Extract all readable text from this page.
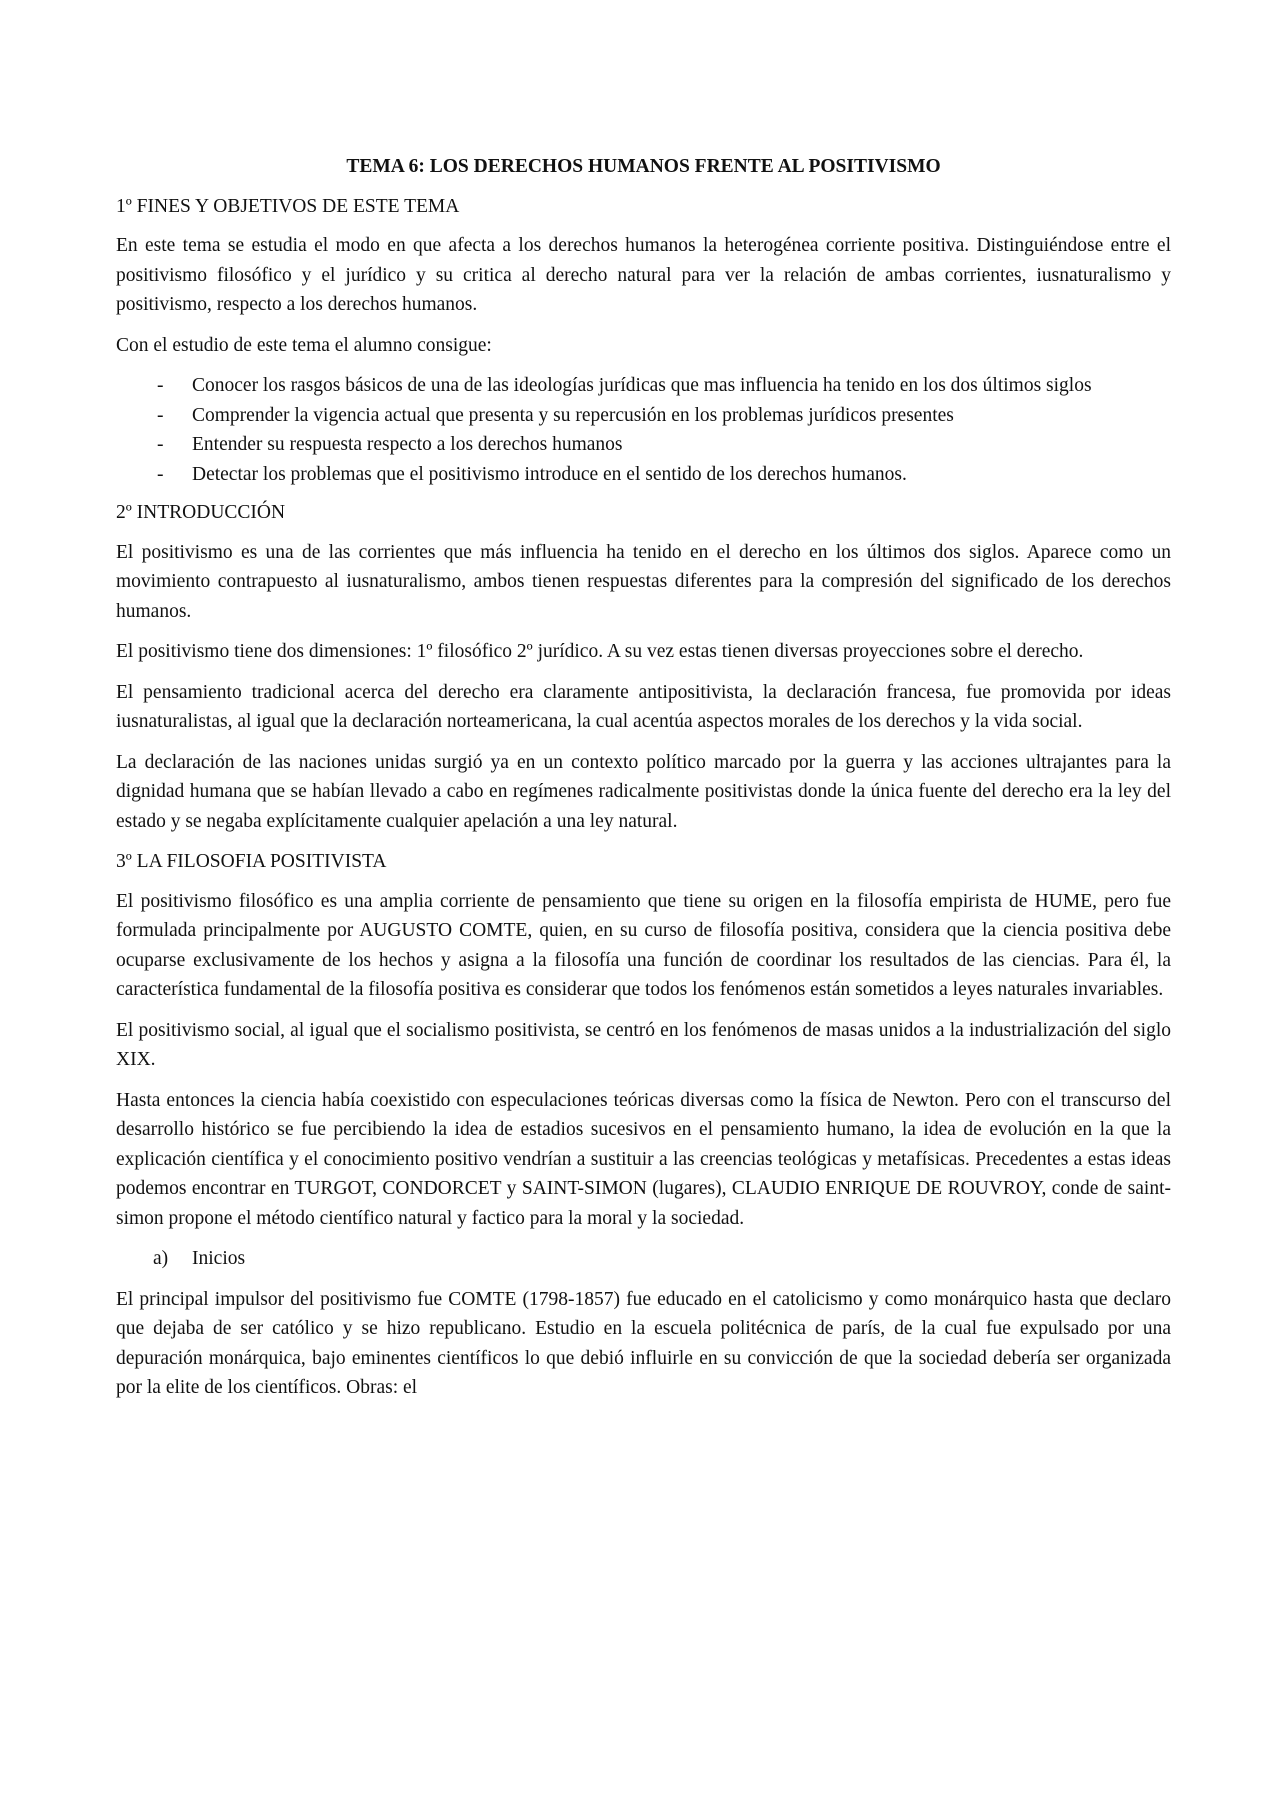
TEMA 6: LOS DERECHOS HUMANOS FRENTE AL POSITIVISMO
1º FINES Y OBJETIVOS DE ESTE TEMA

En este tema se estudia el modo en que afecta a los derechos humanos la heterogénea corriente positiva. Distinguiéndose entre el positivismo filosófico y el jurídico y su critica al derecho natural para ver la relación de ambas corrientes, iusnaturalismo y positivismo, respecto a los derechos humanos.

Con el estudio de este tema el alumno consigue:

- Conocer los rasgos básicos de una de las ideologías jurídicas que mas influencia ha tenido en los dos últimos siglos
- Comprender la vigencia actual que presenta y su repercusión en los problemas jurídicos presentes
- Entender su respuesta respecto a los derechos humanos
- Detectar los problemas que el positivismo introduce en el sentido de los derechos humanos.
2º INTRODUCCIÓN

El positivismo es una de las corrientes que más influencia ha tenido en el derecho en los últimos dos siglos. Aparece como un movimiento contrapuesto al iusnaturalismo, ambos tienen respuestas diferentes para la compresión del significado de los derechos humanos.

El positivismo tiene dos dimensiones: 1º filosófico 2º jurídico. A su vez estas tienen diversas proyecciones sobre el derecho.

El pensamiento tradicional acerca del derecho era claramente antipositivista, la declaración francesa, fue promovida por ideas iusnaturalistas, al igual que la declaración norteamericana, la cual acentúa aspectos morales de los derechos y la vida social.

La declaración de las naciones unidas surgió ya en un contexto político marcado por la guerra y las acciones ultrajantes para la dignidad humana que se habían llevado a cabo en regímenes radicalmente positivistas donde la única fuente del derecho era la ley del estado y se negaba explícitamente cualquier apelación a una ley natural.

3º LA FILOSOFIA POSITIVISTA

El positivismo filosófico es una amplia corriente de pensamiento que tiene su origen en la filosofía empirista de HUME, pero fue formulada principalmente por AUGUSTO COMTE, quien, en su curso de filosofía positiva, considera que la ciencia positiva debe ocuparse exclusivamente de los hechos y asigna a la filosofía una función de coordinar los resultados de las ciencias. Para él, la característica fundamental de la filosofía positiva es considerar que todos los fenómenos están sometidos a leyes naturales invariables.

El positivismo social, al igual que el socialismo positivista, se centró en los fenómenos de masas unidos a la industrialización del siglo XIX.

Hasta entonces la ciencia había coexistido con especulaciones teóricas diversas como la física de Newton. Pero con el transcurso del desarrollo histórico se fue percibiendo la idea de estadios sucesivos en el pensamiento humano, la idea de evolución en la que la explicación científica y el conocimiento positivo vendrían a sustituir a las creencias teológicas y metafísicas. Precedentes a estas ideas podemos encontrar en TURGOT, CONDORCET y SAINT-SIMON (lugares), CLAUDIO ENRIQUE DE ROUVROY, conde de saint-simon propone el método científico natural y factico para la moral y la sociedad.

a) Inicios

El principal impulsor del positivismo fue COMTE (1798-1857) fue educado en el catolicismo y como monárquico hasta que declaro que dejaba de ser católico y se hizo republicano. Estudio en la escuela politécnica de parís, de la cual fue expulsado por una depuración monárquica, bajo eminentes científicos lo que debió influirle en su convicción de que la sociedad debería ser organizada por la elite de los científicos. Obras: el
